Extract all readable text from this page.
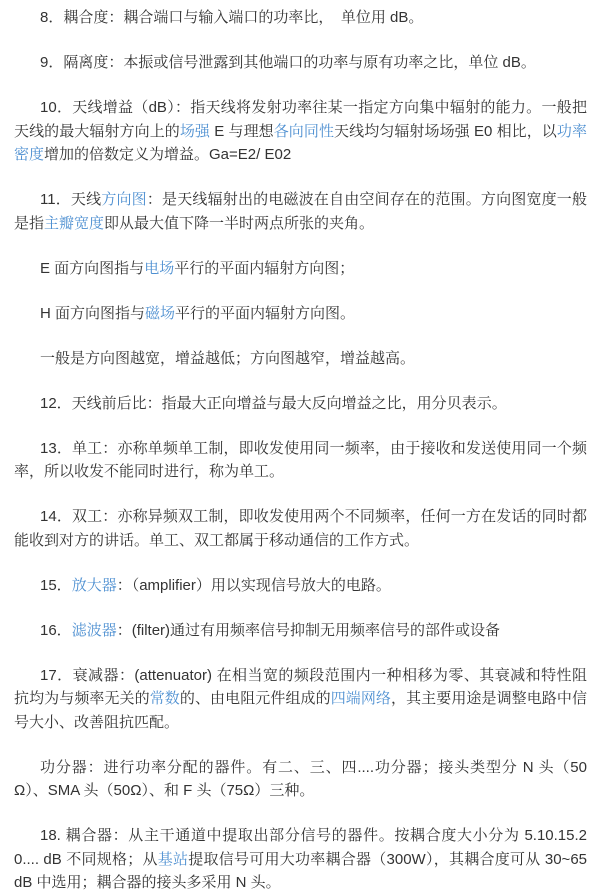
8．耦合度：耦合端口与输入端口的功率比，　单位用 dB。

9．隔离度：本振或信号泄露到其他端口的功率与原有功率之比，单位 dB。

10．天线增益（dB）：指天线将发射功率往某一指定方向集中辐射的能力。一般把天线的最大辐射方向上的场强 E 与理想各向同性天线均匀辐射场场强 E0 相比，以功率密度增加的倍数定义为增益。Ga=E2/ E02

11．天线方向图：是天线辐射出的电磁波在自由空间存在的范围。方向图宽度一般是指主瓣宽度即从最大值下降一半时两点所张的夹角。

E 面方向图指与电场平行的平面内辐射方向图；

H 面方向图指与磁场平行的平面内辐射方向图。

一般是方向图越宽，增益越低；方向图越窄，增益越高。

12．天线前后比：指最大正向增益与最大反向增益之比，用分贝表示。

13．单工：亦称单频单工制，即收发使用同一频率，由于接收和发送使用同一个频率，所以收发不能同时进行，称为单工。

14．双工：亦称异频双工制，即收发使用两个不同频率，任何一方在发话的同时都能收到对方的讲话。单工、双工都属于移动通信的工作方式。

15．放大器：（amplifier）用以实现信号放大的电路。

16．滤波器：(filter)通过有用频率信号抑制无用频率信号的部件或设备

17．衰减器：(attenuator) 在相当宽的频段范围内一种相移为零、其衰减和特性阻抗均为与频率无关的常数的、由电阻元件组成的四端网络，其主要用途是调整电路中信号大小、改善阻抗匹配。

功分器：进行功率分配的器件。有二、三、四....功分器；接头类型分 N 头（50Ω）、SMA 头（50Ω）、和 F 头（75Ω）三种。

18. 耦合器：从主干通道中提取出部分信号的器件。按耦合度大小分为 5.10.15.20.... dB 不同规格；从基站提取信号可用大功率耦合器（300W），其耦合度可从 30~65dB 中选用；耦合器的接头多采用 N 头。
